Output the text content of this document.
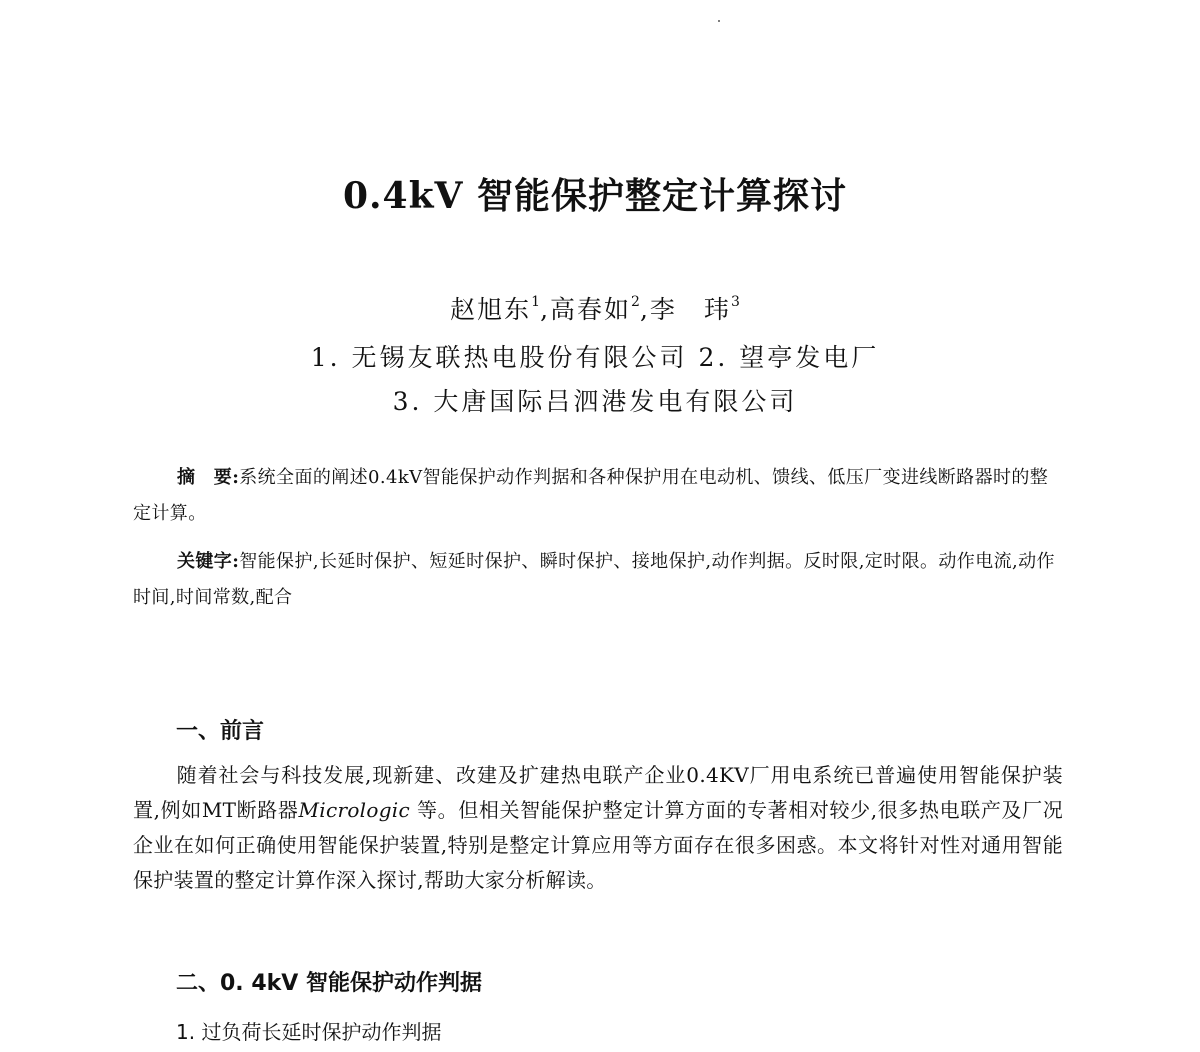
0.4kV 智能保护整定计算探讨
赵旭东$^1$,高春如$^2$,李　玮$^3$
1. 无锡友联热电股份有限公司 2. 望亭发电厂
3. 大唐国际吕泗港发电有限公司
摘　要:系统全面的阐述0.4kV智能保护动作判据和各种保护用在电动机、馈线、低压厂变进线断路器时的整定计算。
关键字:智能保护,长延时保护、短延时保护、瞬时保护、接地保护,动作判据。反时限,定时限。动作电流,动作时间,时间常数,配合
一、前言
随着社会与科技发展,现新建、改建及扩建热电联产企业0.4KV厂用电系统已普遍使用智能保护装置,例如MT断路器Micrologic 等。但相关智能保护整定计算方面的专著相对较少,很多热电联产及厂况企业在如何正确使用智能保护装置,特别是整定计算应用等方面存在很多困惑。本文将针对性对通用智能保护装置的整定计算作深入探讨,帮助大家分析解读。
二、0. 4kV 智能保护动作判据
1. 过负荷长延时保护动作判据
